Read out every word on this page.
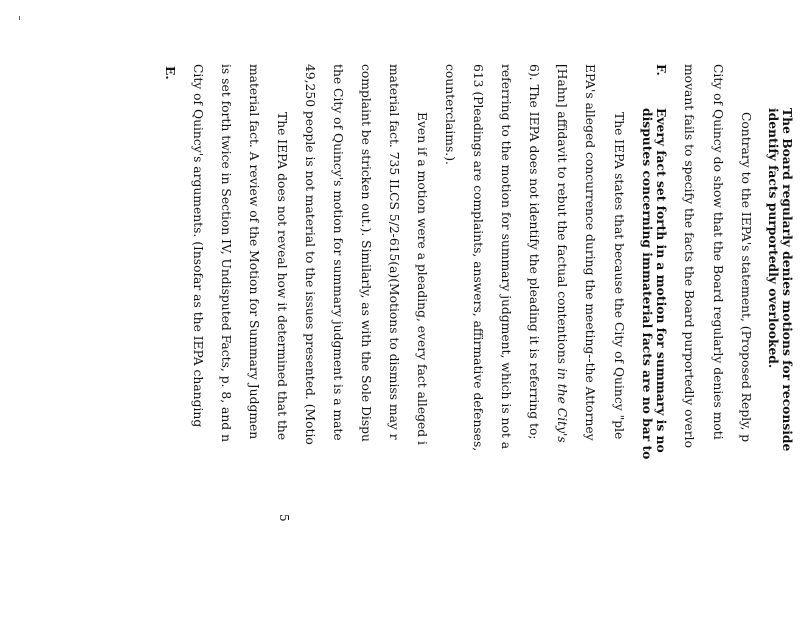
The Board regularly denies motions for reconside
identify facts purportedly overlooked.
Contrary to the IEPA's statement, (Proposed Reply, p
City of Quincy do show that the Board regularly denies moti
movant fails to specify the facts the Board purportedly overlo
F.
Every fact set forth in a motion for summary is no
disputes concerning immaterial facts are no bar to
The IEPA states that because the City of Quincy "ple
EPA's alleged concurrence during the meeting--the Attorney
[Hahn] affidavit to rebut the factual contentions in the City's
6). The IEPA does not identify the pleading it is referring to;
referring to the motion for summary judgment, which is not a
613 (Pleadings are complaints, answers, affirmative defenses,
counterclaims.).
Even if a motion were a pleading, every fact alleged i
material fact. 735 ILCS 5/2-615(a)(Motions to dismiss may r
complaint be stricken out.). Similarly, as with the Sole Dispu
the City of Quincy's motion for summary judgment is a mate
49,250 people is not material to the issues presented. (Motio
The IEPA does not reveal how it determined that the
material fact. A review of the Motion for Summary Judgmen
is set forth twice in Section IV, Undisputed Facts, p. 8, and n
City of Quincy's arguments. (Insofar as the IEPA changing
E.
5
